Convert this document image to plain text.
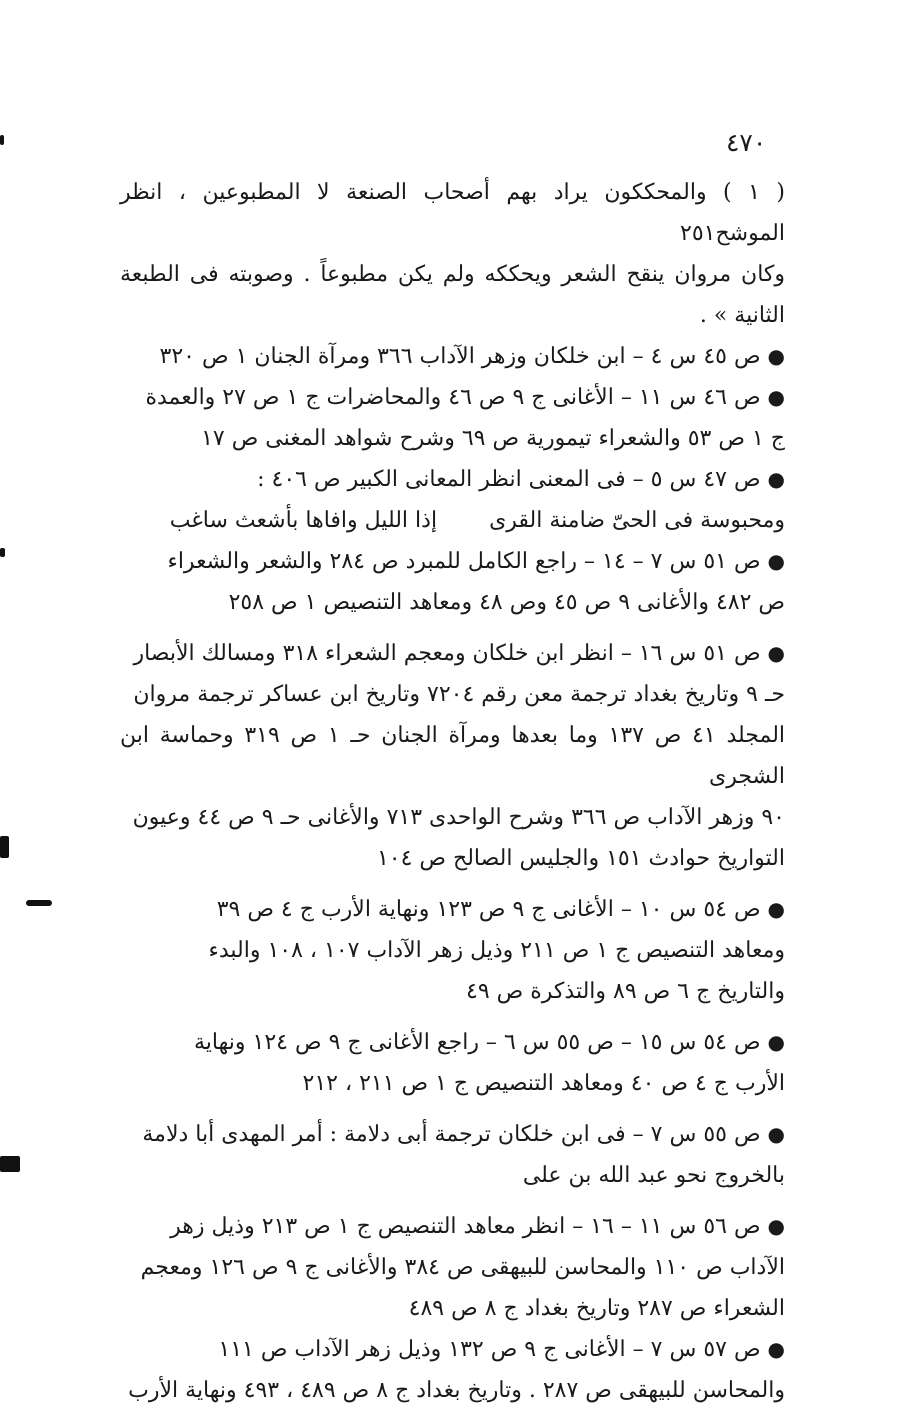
٤٧٠

( ١ ) والمحككون يراد بهم أصحاب الصنعة لا المطبوعين ، انظر الموشح٢٥١

وكان مروان ينقح الشعر ويحككه ولم يكن مطبوعاً . وصوبته فى الطبعة الثانية » .

● ص ٤٥ س ٤ – ابن خلكان وزهر الآداب ٣٦٦ ومرآة الجنان ١ ص ٣٢٠

● ص ٤٦ س ١١ – الأغانى ج ٩ ص ٤٦ والمحاضرات ج ١ ص ٢٧ والعمدة
ج ١ ص ٥٣ والشعراء تيمورية ص ٦٩ وشرح شواهد المغنى ص ١٧

● ص ٤٧ س ٥ – فى المعنى انظر المعانى الكبير ص ٤٠٦ :

ومحبوسة فى الحىّ ضامنة القرى
إذا الليل وافاها بأشعث ساغب

● ص ٥١ س ٧ – ١٤ – راجع الكامل للمبرد ص ٢٨٤ والشعر والشعراء
ص ٤٨٢ والأغانى ٩ ص ٤٥ وص ٤٨ ومعاهد التنصيص ١ ص ٢٥٨

● ص ٥١ س ١٦ – انظر ابن خلكان ومعجم الشعراء ٣١٨ ومسالك الأبصار
حـ ٩ وتاريخ بغداد ترجمة معن رقم ٧٢٠٤ وتاريخ ابن عساكر ترجمة مروان
المجلد ٤١ ص ١٣٧ وما بعدها ومرآة الجنان حـ ١ ص ٣١٩ وحماسة ابن الشجرى
٩٠ وزهر الآداب ص ٣٦٦ وشرح الواحدى ٧١٣ والأغانى حـ ٩ ص ٤٤ وعيون
التواريخ حوادث ١٥١ والجليس الصالح ص ١٠٤

● ص ٥٤ س ١٠ – الأغانى ج ٩ ص ١٢٣ ونهاية الأرب ج ٤ ص ٣٩
ومعاهد التنصيص ج ١ ص ٢١١ وذيل زهر الآداب ١٠٧ ، ١٠٨ والبدء
والتاريخ ج ٦ ص ٨٩ والتذكرة ص ٤٩

● ص ٥٤ س ١٥ – ص ٥٥ س ٦ – راجع الأغانى ج ٩ ص ١٢٤ ونهاية
الأرب ج ٤ ص ٤٠ ومعاهد التنصيص ج ١ ص ٢١١ ، ٢١٢

● ص ٥٥ س ٧ – فى ابن خلكان ترجمة أبى دلامة : أمر المهدى أبا دلامة
بالخروج نحو عبد الله بن على

● ص ٥٦ س ١١ – ١٦ – انظر معاهد التنصيص ج ١ ص ٢١٣ وذيل زهر
الآداب ص ١١٠ والمحاسن للبيهقى ص ٣٨٤ والأغانى ج ٩ ص ١٢٦ ومعجم
الشعراء ص ٢٨٧ وتاريخ بغداد ج ٨ ص ٤٨٩

● ص ٥٧ س ٧ – الأغانى ج ٩ ص ١٣٢ وذيل زهر الآداب ص ١١١
والمحاسن للبيهقى ص ٢٨٧ . وتاريخ بغداد ج ٨ ص ٤٨٩ ، ٤٩٣ ونهاية الأرب
